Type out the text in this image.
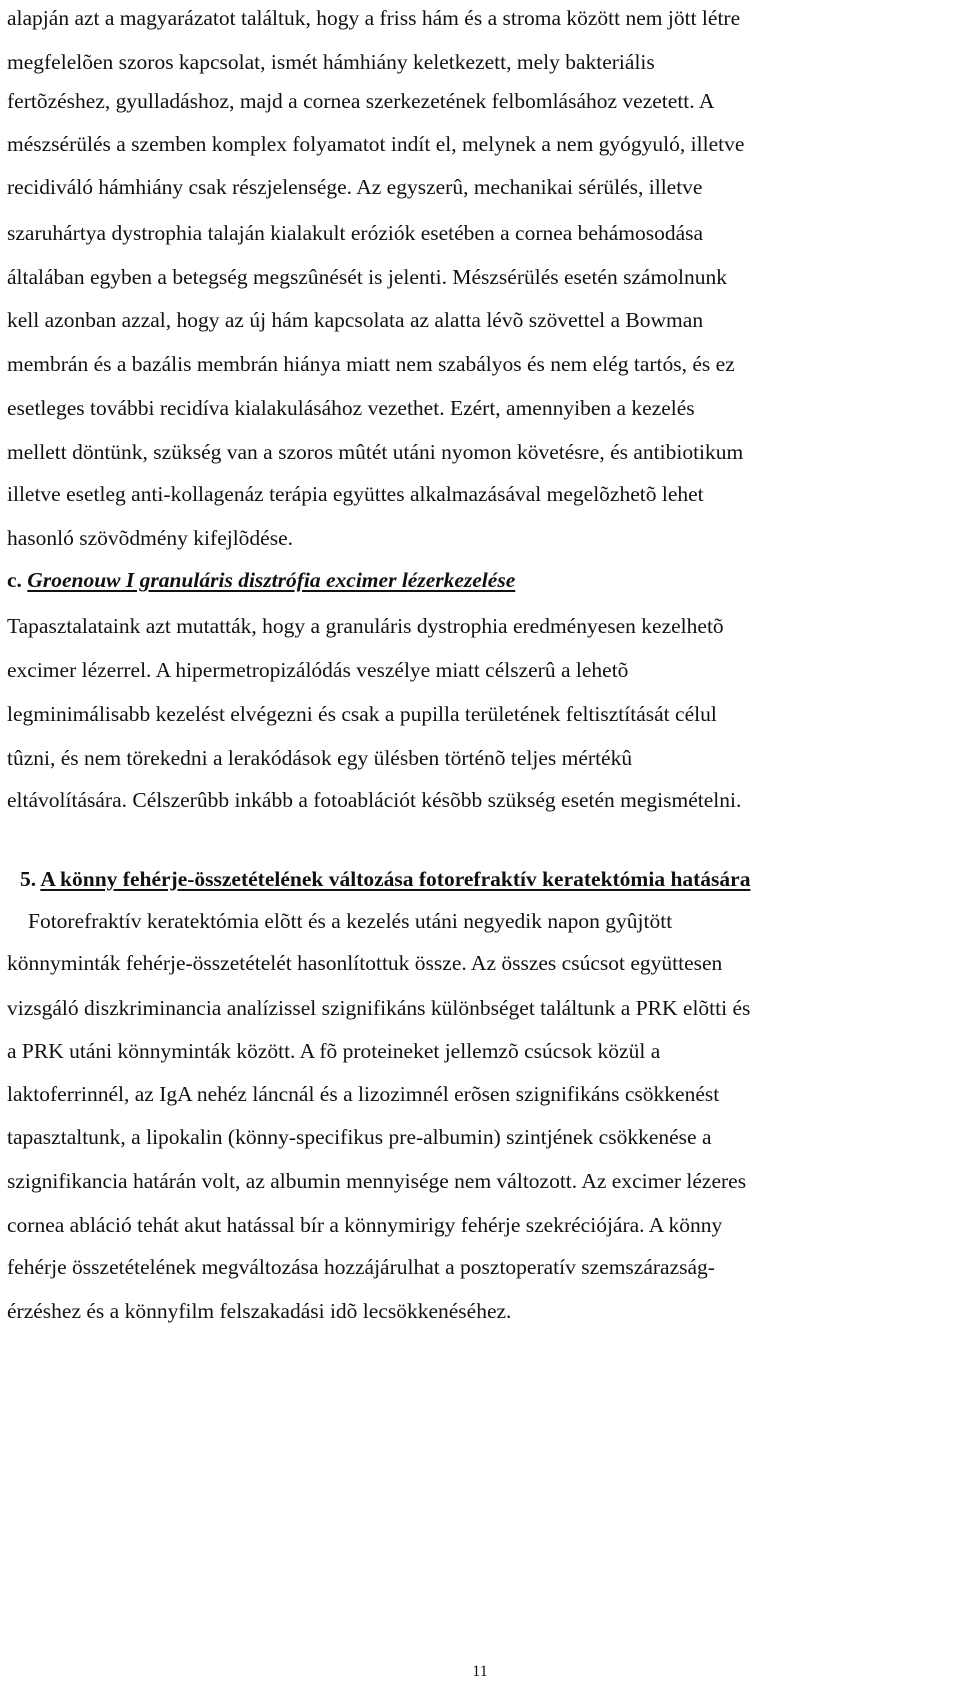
alapján azt a magyarázatot találtuk, hogy a friss hám és a stroma között nem jött létre
megfelelõen szoros kapcsolat, ismét hámhiány keletkezett, mely bakteriális
fertõzéshez, gyulladáshoz, majd a cornea szerkezetének felbomlásához vezetett. A
mészsérülés a szemben komplex folyamatot indít el, melynek a nem gyógyuló, illetve
recidiváló hámhiány csak részjelensége. Az egyszerû, mechanikai sérülés, illetve
szaruhártya dystrophia talaján kialakult eróziók esetében a cornea behámosodása
általában egyben a betegség megszûnését is jelenti. Mészsérülés esetén számolnunk
kell azonban azzal, hogy az új hám kapcsolata az alatta lévõ szövettel a Bowman
membrán és a bazális membrán hiánya miatt nem szabályos és nem elég tartós, és ez
esetleges további recidíva kialakulásához vezethet. Ezért, amennyiben a kezelés
mellett döntünk, szükség van a szoros mûtét utáni nyomon követésre, és antibiotikum
illetve esetleg anti-kollagenáz terápia együttes alkalmazásával megelõzhetõ lehet
hasonló szövõdmény kifejlõdése.
c. Groenouw I granuláris disztrófia excimer lézerkezelése
Tapasztalataink azt mutatták, hogy a granuláris dystrophia eredményesen kezelhetõ
excimer lézerrel. A hipermetropizálódás veszélye miatt célszerû a lehetõ
legminimálisabb kezelést elvégezni és csak a pupilla területének feltisztítását célul
tûzni, és nem törekedni a lerakódások egy ülésben történõ teljes mértékû
eltávolítására. Célszerûbb inkább a fotoablációt késõbb szükség esetén megismételni.
5. A könny fehérje-összetételének változása fotorefraktív keratektómia hatására
Fotorefraktív keratektómia elõtt és a kezelés utáni negyedik napon gyûjtött
könnyminták fehérje-összetételét hasonlítottuk össze. Az összes csúcsot együttesen
vizsgáló diszkriminancia analízissel szignifikáns különbséget találtunk a PRK elõtti és
a PRK utáni könnyminták között. A fõ proteineket jellemzõ csúcsok közül a
laktoferrinnél, az IgA nehéz láncnál és a lizozimnél erõsen szignifikáns csökkenést
tapasztaltunk, a lipokalin (könny-specifikus pre-albumin) szintjének csökkenése a
szignifikancia határán volt, az albumin mennyisége nem változott. Az excimer lézeres
cornea abláció tehát akut hatással bír a könnymirigy fehérje szekréciójára. A könny
fehérje összetételének megváltozása hozzájárulhat a posztoperatív szemszárazság-
érzéshez és a könnyfilm felszakadási idõ lecsökkenéséhez.
11
